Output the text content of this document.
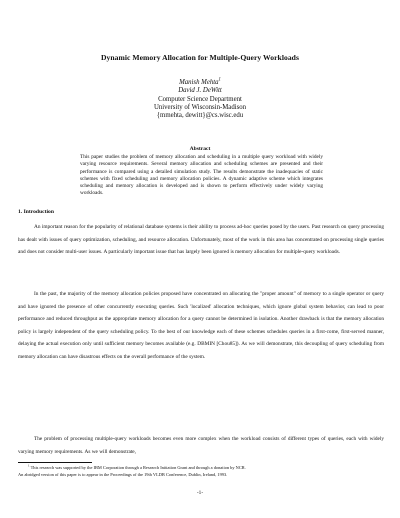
Dynamic Memory Allocation for Multiple-Query Workloads
Manish Mehta$^1$
David J. DeWitt
Computer Science Department
University of Wisconsin-Madison
{mmehta, dewitt}@cs.wisc.edu
Abstract
This paper studies the problem of memory allocation and scheduling in a multiple query workload with widely varying resource requirements. Several memory allocation and scheduling schemes are presented and their performance is compared using a detailed simulation study. The results demonstrate the inadequacies of static schemes with fixed scheduling and memory allocation policies. A dynamic adaptive scheme which integrates scheduling and memory allocation is developed and is shown to perform effectively under widely varying workloads.
1. Introduction
An important reason for the popularity of relational database systems is their ability to process ad-hoc queries posed by the users. Past research on query processing has dealt with issues of query optimization, scheduling, and resource allocation. Unfortunately, most of the work in this area has concentrated on processing single queries and does not consider multi-user issues. A particularly important issue that has largely been ignored is memory allocation for multiple-query workloads.
In the past, the majority of the memory allocation policies proposed have concentrated on allocating the "proper amount" of memory to a single operator or query and have ignored the presence of other concurrently executing queries. Such 'localized' allocation techniques, which ignore global system behavior, can lead to poor performance and reduced throughput as the appropriate memory allocation for a query cannot be determined in isolation. Another drawback is that the memory allocation policy is largely independent of the query scheduling policy. To the best of our knowledge each of these schemes schedules queries in a first-come, first-served manner, delaying the actual execution only until sufficient memory becomes available (e.g. DBMIN [Chou85]). As we will demonstrate, this decoupling of query scheduling from memory allocation can have disastrous effects on the overall performance of the system.
The problem of processing multiple-query workloads becomes even more complex when the workload consists of different types of queries, each with widely varying memory requirements. As we will demonstrate,
$^1$ This research was supported by the IBM Corporation through a Research Initiation Grant and through a donation by NCR.
An abridged version of this paper is to appear in the Proceedings of the 19th VLDB Conference, Dublin, Ireland, 1993.
-1-
